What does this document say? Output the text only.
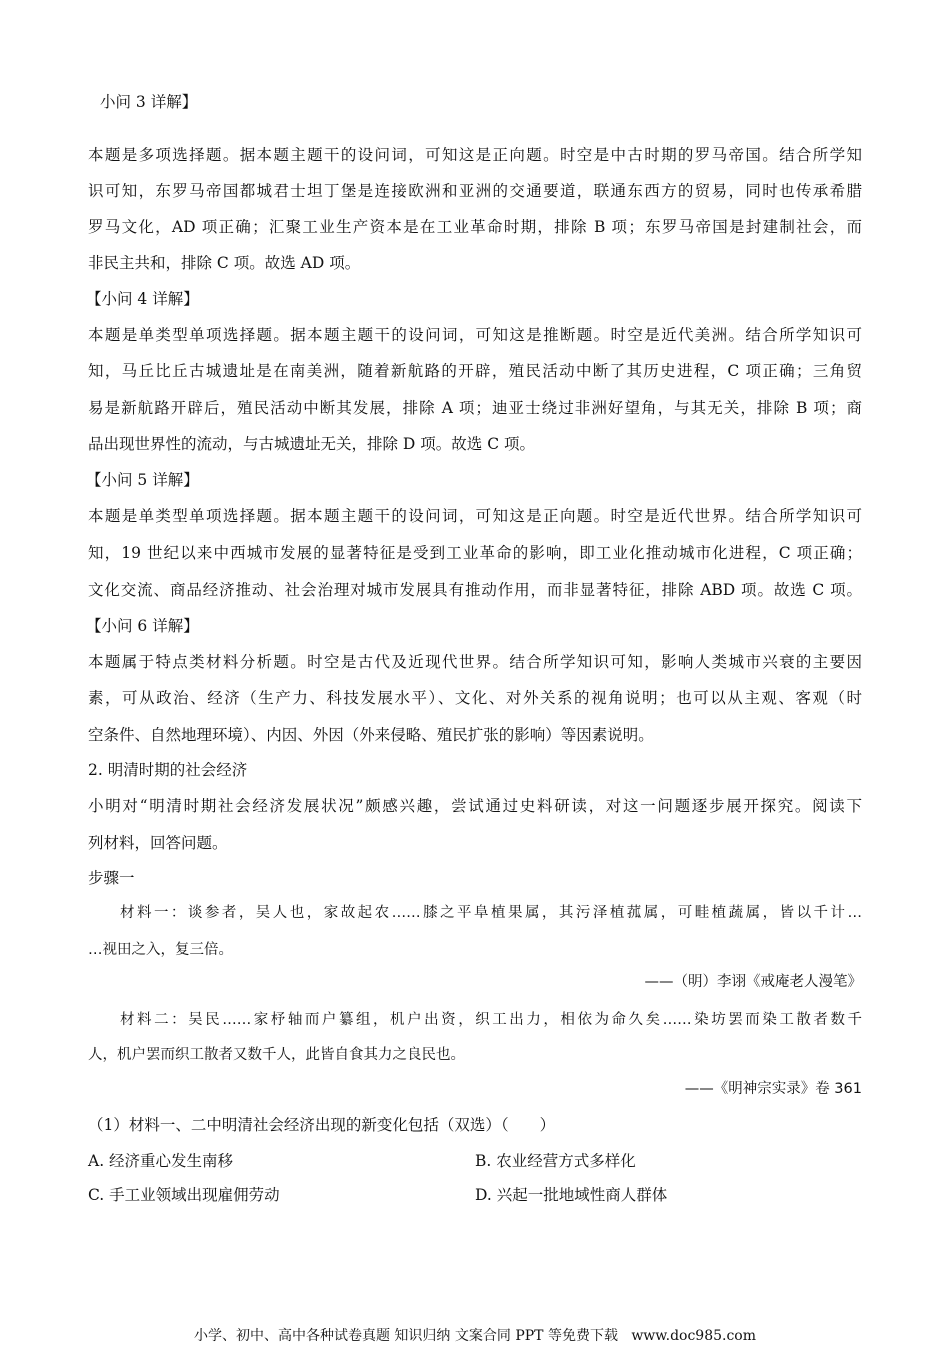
小问 3 详解】
本题是多项选择题。据本题主题干的设问词，可知这是正向题。时空是中古时期的罗马帝国。结合所学知
识可知，东罗马帝国都城君士坦丁堡是连接欧洲和亚洲的交通要道，联通东西方的贸易，同时也传承希腊
罗马文化，AD 项正确；汇聚工业生产资本是在工业革命时期，排除 B 项；东罗马帝国是封建制社会，而
非民主共和，排除 C 项。故选 AD 项。
【小问 4 详解】
本题是单类型单项选择题。据本题主题干的设问词，可知这是推断题。时空是近代美洲。结合所学知识可
知，马丘比丘古城遗址是在南美洲，随着新航路的开辟，殖民活动中断了其历史进程，C 项正确；三角贸
易是新航路开辟后，殖民活动中断其发展，排除 A 项；迪亚士绕过非洲好望角，与其无关，排除 B 项；商
品出现世界性的流动，与古城遗址无关，排除 D 项。故选 C 项。
【小问 5 详解】
本题是单类型单项选择题。据本题主题干的设问词，可知这是正向题。时空是近代世界。结合所学知识可
知，19 世纪以来中西城市发展的显著特征是受到工业革命的影响，即工业化推动城市化进程，C 项正确；
文化交流、商品经济推动、社会治理对城市发展具有推动作用，而非显著特征，排除 ABD 项。故选 C 项。
【小问 6 详解】
本题属于特点类材料分析题。时空是古代及近现代世界。结合所学知识可知，影响人类城市兴衰的主要因
素，可从政治、经济（生产力、科技发展水平）、文化、对外关系的视角说明；也可以从主观、客观（时
空条件、自然地理环境）、内因、外因（外来侵略、殖民扩张的影响）等因素说明。
2. 明清时期的社会经济
小明对“明清时期社会经济发展状况”颇感兴趣，尝试通过史料研读，对这一问题逐步展开探究。阅读下
列材料，回答问题。
步骤一
材料一：谈参者，吴人也，家故起农……膝之平阜植果属，其污泽植菰属，可畦植蔬属，皆以千计…
…视田之入，复三倍。
——（明）李诩《戒庵老人漫笔》
材料二：吴民……家杼轴而户纂组，机户出资，织工出力，相依为命久矣……染坊罢而染工散者数千
人，机户罢而织工散者又数千人，此皆自食其力之良民也。
——《明神宗实录》卷 361
（1）材料一、二中明清社会经济出现的新变化包括（双选）（　　）
A. 经济重心发生南移	B. 农业经营方式多样化
C. 手工业领域出现雇佣劳动	D. 兴起一批地域性商人群体
小学、初中、高中各种试卷真题 知识归纳 文案合同 PPT 等免费下载 www.doc985.com
